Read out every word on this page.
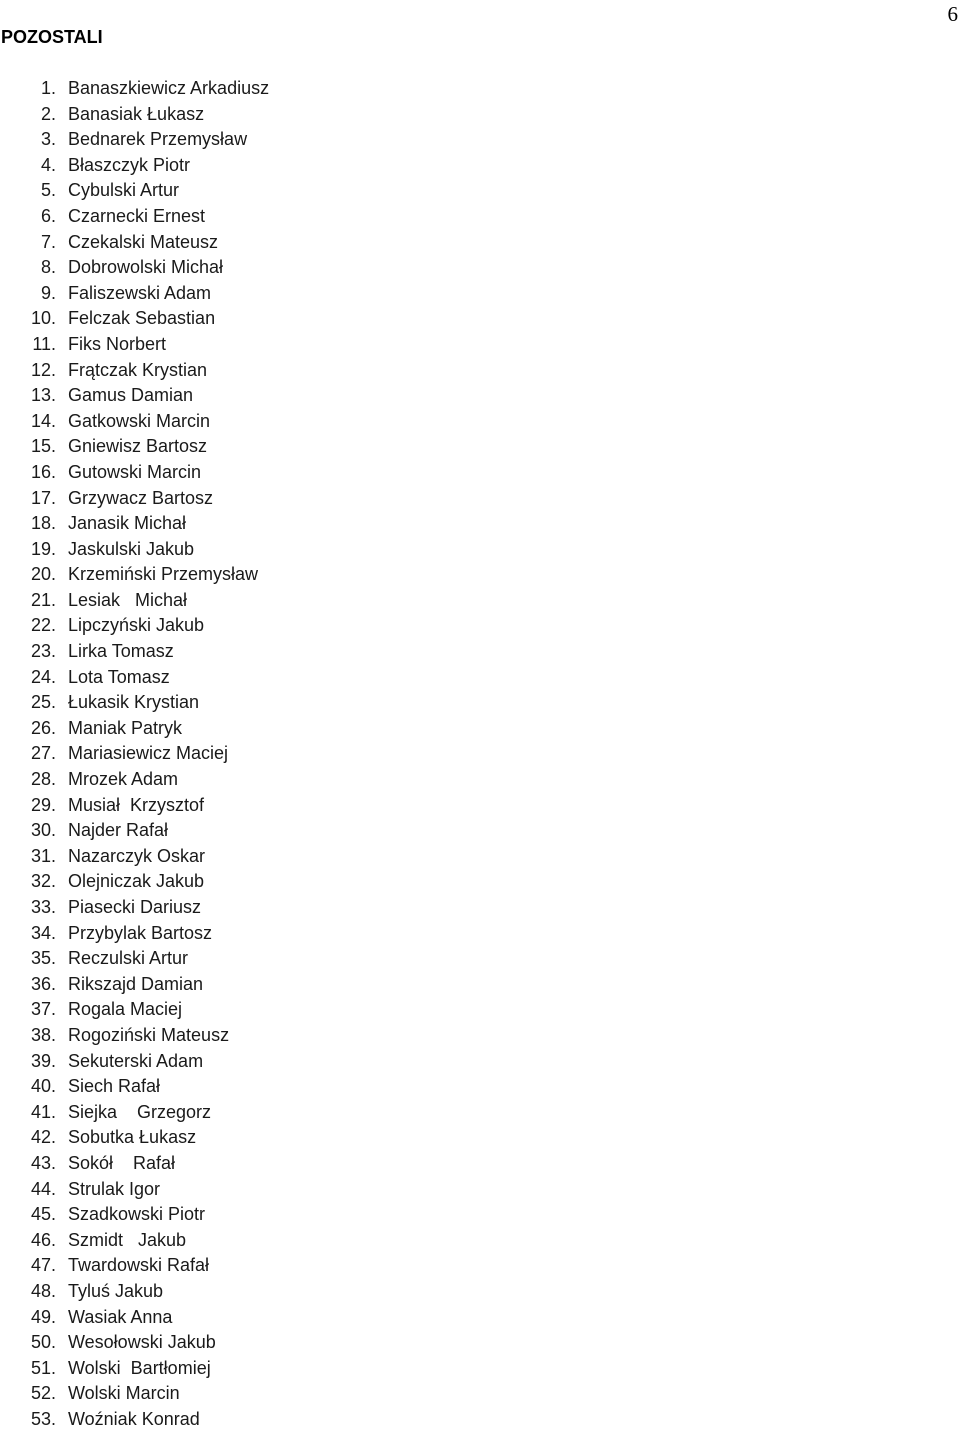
6
POZOSTALI
1. Banaszkiewicz Arkadiusz
2. Banasiak Łukasz
3. Bednarek Przemysław
4. Błaszczyk Piotr
5. Cybulski Artur
6. Czarnecki Ernest
7. Czekalski Mateusz
8. Dobrowolski Michał
9. Faliszewski Adam
10. Felczak Sebastian
11. Fiks Norbert
12. Frątczak Krystian
13. Gamus Damian
14. Gatkowski Marcin
15. Gniewisz Bartosz
16. Gutowski Marcin
17. Grzywacz Bartosz
18. Janasik Michał
19. Jaskulski Jakub
20. Krzemiński Przemysław
21. Lesiak   Michał
22. Lipczyński Jakub
23. Lirka Tomasz
24. Lota Tomasz
25. Łukasik Krystian
26. Maniak Patryk
27. Mariasiewicz Maciej
28. Mrozek Adam
29. Musiał  Krzysztof
30. Najder Rafał
31. Nazarczyk Oskar
32. Olejniczak Jakub
33. Piasecki Dariusz
34. Przybylak Bartosz
35. Reczulski Artur
36. Rikszajd Damian
37. Rogala Maciej
38. Rogoziński Mateusz
39. Sekuterski Adam
40. Siech Rafał
41. Siejka    Grzegorz
42. Sobutka Łukasz
43. Sokół    Rafał
44. Strulak Igor
45. Szadkowski Piotr
46. Szmidt   Jakub
47. Twardowski Rafał
48. Tyluś Jakub
49. Wasiak Anna
50. Wesołowski Jakub
51. Wolski  Bartłomiej
52. Wolski Marcin
53. Woźniak Konrad
